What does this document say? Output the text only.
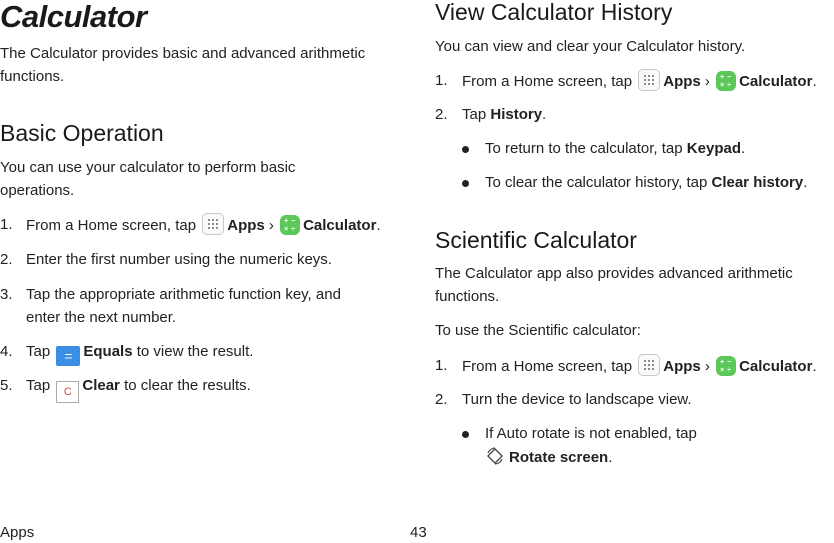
Calculator

The Calculator provides basic and advanced arithmetic

functions.

Basic Operation

You can use your calculator to perform basic

operations.

1. From a Home screen, tap Apps › + −
× ÷ Calculator.
2. Enter the first number using the numeric keys.
3. Tap the appropriate arithmetic function key, and
enter the next number.
4. Tap = Equals to view the result.
5. Tap C Clear to clear the results.
View Calculator History

You can view and clear your Calculator history.

1. From a Home screen, tap Apps › + −
× ÷ Calculator.
2. Tap History.
To return to the calculator, tap Keypad.
To clear the calculator history, tap Clear history.
Scientific Calculator

The Calculator app also provides advanced arithmetic

functions.

To use the Scientific calculator:

1. From a Home screen, tap Apps › + −
× ÷ Calculator.
2. Turn the device to landscape view.
If Auto rotate is not enabled, tap
Rotate screen.
Apps	43
